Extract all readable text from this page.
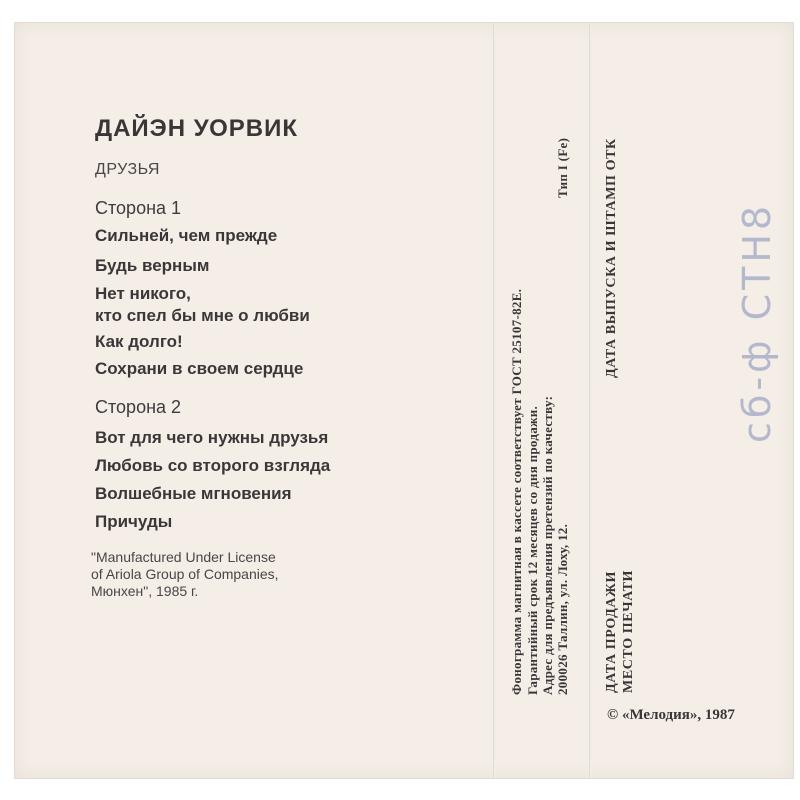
ДАЙЭН УОРВИК
ДРУЗЬЯ
Сторона 1
Сильней, чем прежде
Будь верным
Нет никого,
кто спел бы мне о любви
Как долго!
Сохрани в своем сердце
Сторона 2
Вот для чего нужны друзья
Любовь со второго взгляда
Волшебные мгновения
Причуды
"Manufactured Under License
of Ariola Group of Companies,
Мюнхен", 1985 г.	Фонограмма магнитная в кассете соответствует ГОСТ 25107-82Е. Гарантийный срок 12 месяцев со дня продажи. Адрес для предъявления претензий по качеству: 200026 Таллин, ул. Лоху, 12.
Тип I (Fe) ДАТА ВЫПУСКА И ШТАМП ОТК
ДАТА ПРОДАЖИ МЕСТО ПЕЧАТИ
© «Мелодия», 1987
сб-ф СТН8
